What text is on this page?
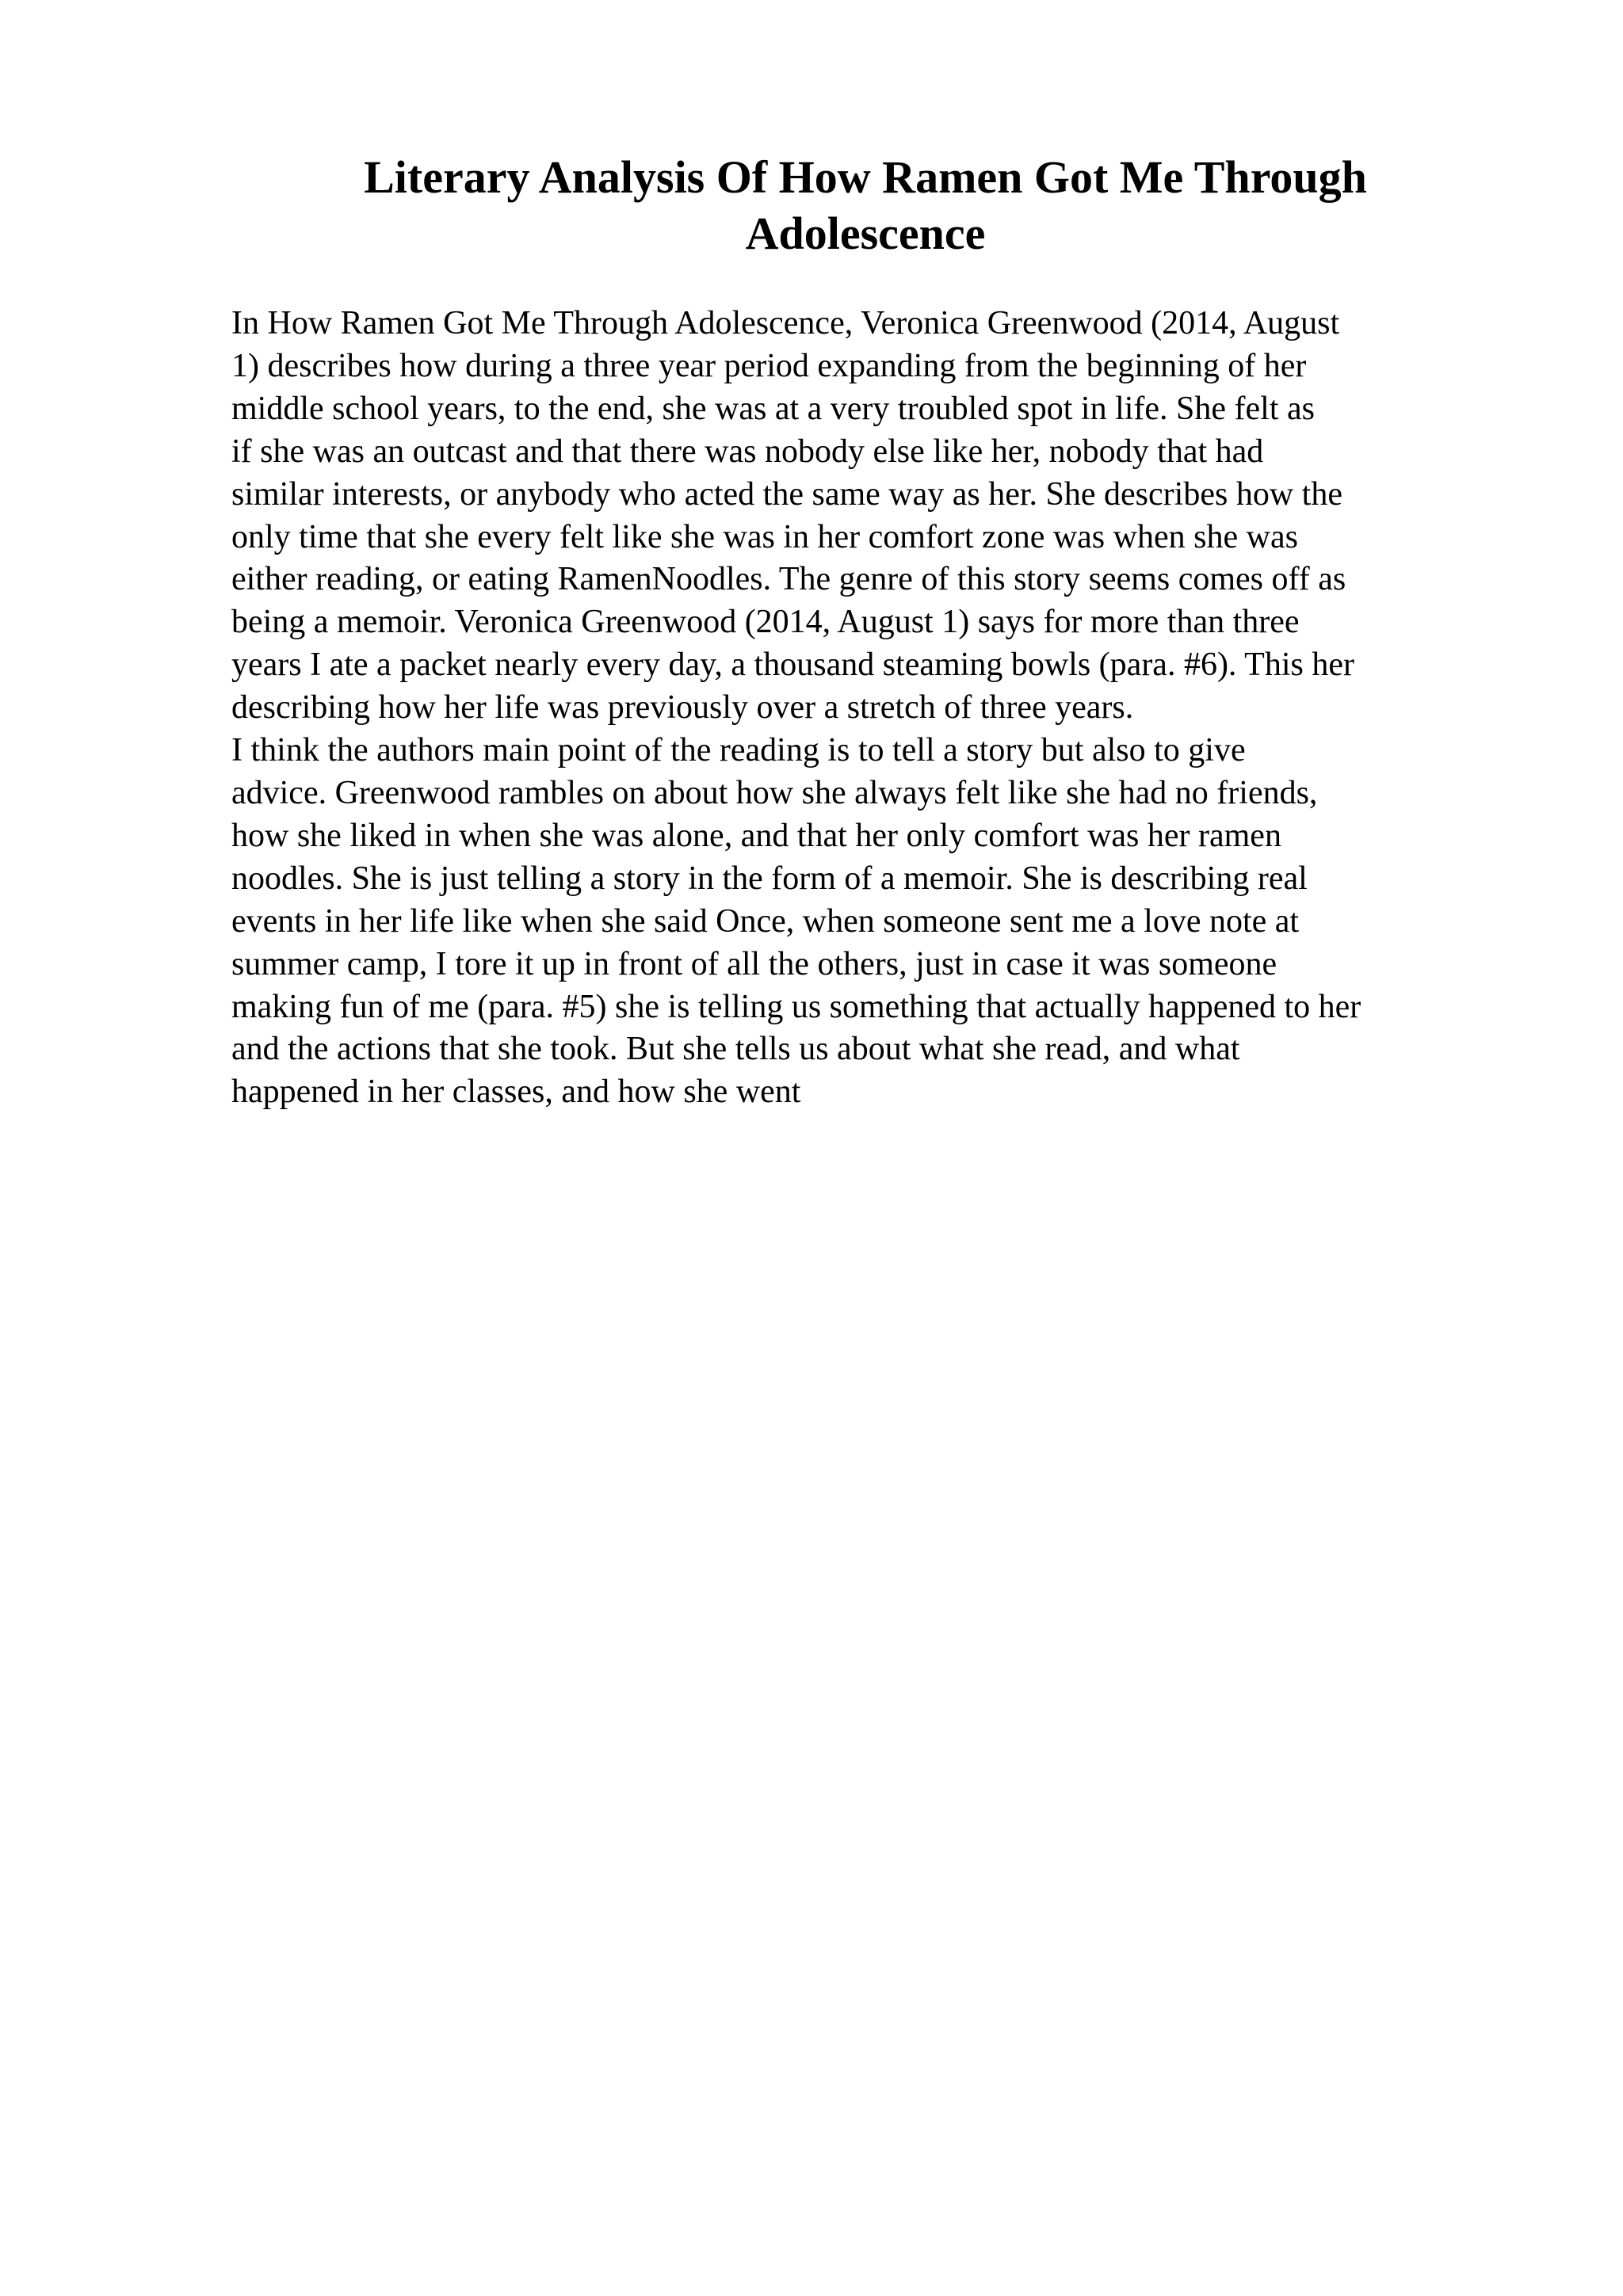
Literary Analysis Of How Ramen Got Me Through
Adolescence
In How Ramen Got Me Through Adolescence, Veronica Greenwood (2014, August
1) describes how during a three year period expanding from the beginning of her
middle school years, to the end, she was at a very troubled spot in life. She felt as
if she was an outcast and that there was nobody else like her, nobody that had
similar interests, or anybody who acted the same way as her. She describes how the
only time that she every felt like she was in her comfort zone was when she was
either reading, or eating RamenNoodles. The genre of this story seems comes off as
being a memoir. Veronica Greenwood (2014, August 1) says for more than three
years I ate a packet nearly every day, a thousand steaming bowls (para. #6). This her
describing how her life was previously over a stretch of three years.
I think the authors main point of the reading is to tell a story but also to give
advice. Greenwood rambles on about how she always felt like she had no friends,
how she liked in when she was alone, and that her only comfort was her ramen
noodles. She is just telling a story in the form of a memoir. She is describing real
events in her life like when she said Once, when someone sent me a love note at
summer camp, I tore it up in front of all the others, just in case it was someone
making fun of me (para. #5) she is telling us something that actually happened to her
and the actions that she took. But she tells us about what she read, and what
happened in her classes, and how she went
